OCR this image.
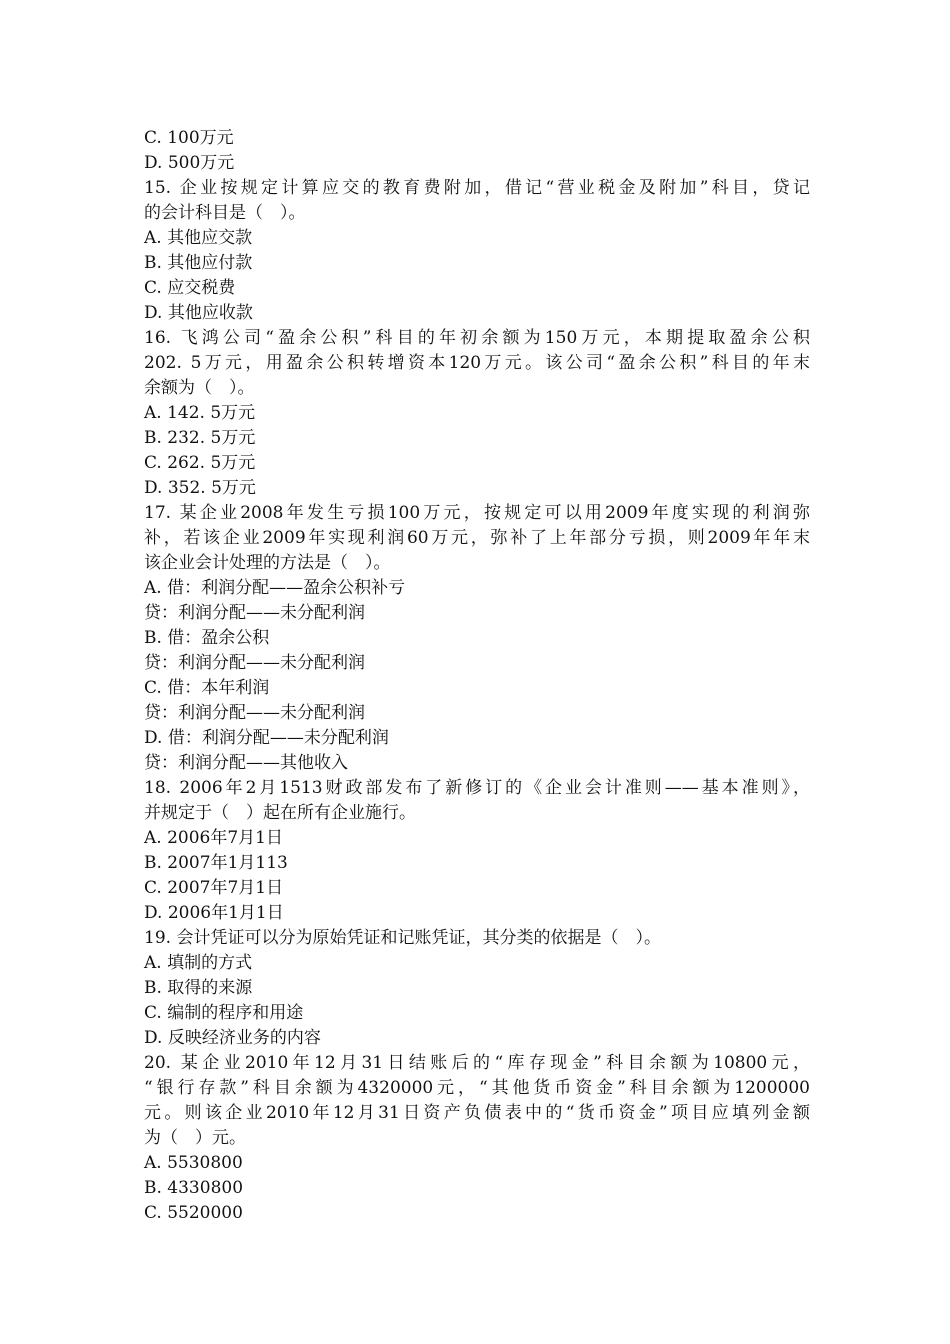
C. 100万元
D. 500万元
15. 企业按规定计算应交的教育费附加，借记“营业税金及附加”科目，贷记
的会计科目是（　）。
A. 其他应交款
B. 其他应付款
C. 应交税费
D. 其他应收款
16. 飞鸿公司“盈余公积”科目的年初余额为150万元，本期提取盈余公积
202. 5万元，用盈余公积转增资本120万元。该公司“盈余公积”科目的年末
余额为（　）。
A. 142. 5万元
B. 232. 5万元
C. 262. 5万元
D. 352. 5万元
17. 某企业2008年发生亏损100万元，按规定可以用2009年度实现的利润弥
补，若该企业2009年实现利润60万元，弥补了上年部分亏损，则2009年年末
该企业会计处理的方法是（　）。
A. 借：利润分配——盈余公积补亏
贷：利润分配——未分配利润
B. 借：盈余公积
贷：利润分配——未分配利润
C. 借：本年利润
贷：利润分配——未分配利润
D. 借：利润分配——未分配利润
贷：利润分配——其他收入
18. 2006年2月1513财政部发布了新修订的《企业会计准则——基本准则》，
并规定于（　）起在所有企业施行。
A. 2006年7月1日
B. 2007年1月113
C. 2007年7月1日
D. 2006年1月1日
19. 会计凭证可以分为原始凭证和记账凭证，其分类的依据是（　）。
A. 填制的方式
B. 取得的来源
C. 编制的程序和用途
D. 反映经济业务的内容
20. 某企业2010年12月31日结账后的“库存现金”科目余额为10800元，
“银行存款”科目余额为4320000元，“其他货币资金”科目余额为1200000
元。则该企业2010年12月31日资产负债表中的“货币资金”项目应填列金额
为（　）元。
A. 5530800
B. 4330800
C. 5520000
